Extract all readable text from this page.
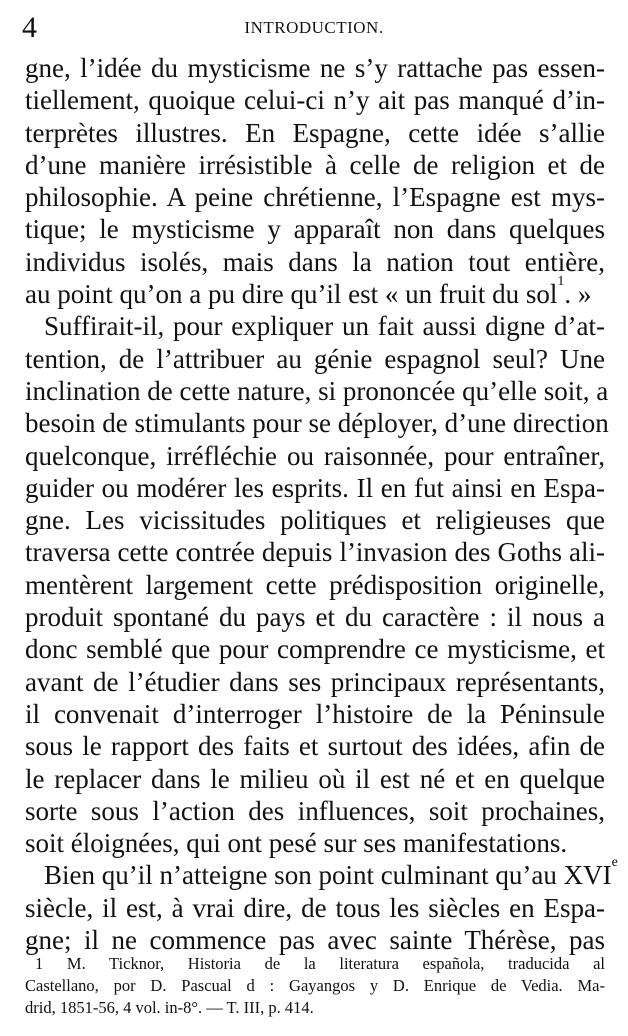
4	INTRODUCTION.
gne, l’idée du mysticisme ne s’y rattache pas essen-
tiellement, quoique celui-ci n’y ait pas manqué d’in-
terprètes illustres. En Espagne, cette idée s’allie
d’une manière irrésistible à celle de religion et de
philosophie. A peine chrétienne, l’Espagne est mys-
tique; le mysticisme y apparaît non dans quelques
individus isolés, mais dans la nation tout entière,
au point qu’on a pu dire qu’il est « un fruit du sol$^1$. »
Suffirait-il, pour expliquer un fait aussi digne d’at-
tention, de l’attribuer au génie espagnol seul? Une
inclination de cette nature, si prononcée qu’elle soit, a
besoin de stimulants pour se déployer, d’une direction
quelconque, irréfléchie ou raisonnée, pour entraîner,
guider ou modérer les esprits. Il en fut ainsi en Espa-
gne. Les vicissitudes politiques et religieuses que
traversa cette contrée depuis l’invasion des Goths ali-
mentèrent largement cette prédisposition originelle,
produit spontané du pays et du caractère : il nous a
donc semblé que pour comprendre ce mysticisme, et
avant de l’étudier dans ses principaux représentants,
il convenait d’interroger l’histoire de la Péninsule
sous le rapport des faits et surtout des idées, afin de
le replacer dans le milieu où il est né et en quelque
sorte sous l’action des influences, soit prochaines,
soit éloignées, qui ont pesé sur ses manifestations.
Bien qu’il n’atteigne son point culminant qu’au XVIe
siècle, il est, à vrai dire, de tous les siècles en Espa-
gne; il ne commence pas avec sainte Thérèse, pas
1 M. Ticknor, Historia de la literatura española, traducida al
Castellano, por D. Pascual d : Gayangos y D. Enrique de Vedia. Ma-
drid, 1851-56, 4 vol. in-8°. — T. III, p. 414.
